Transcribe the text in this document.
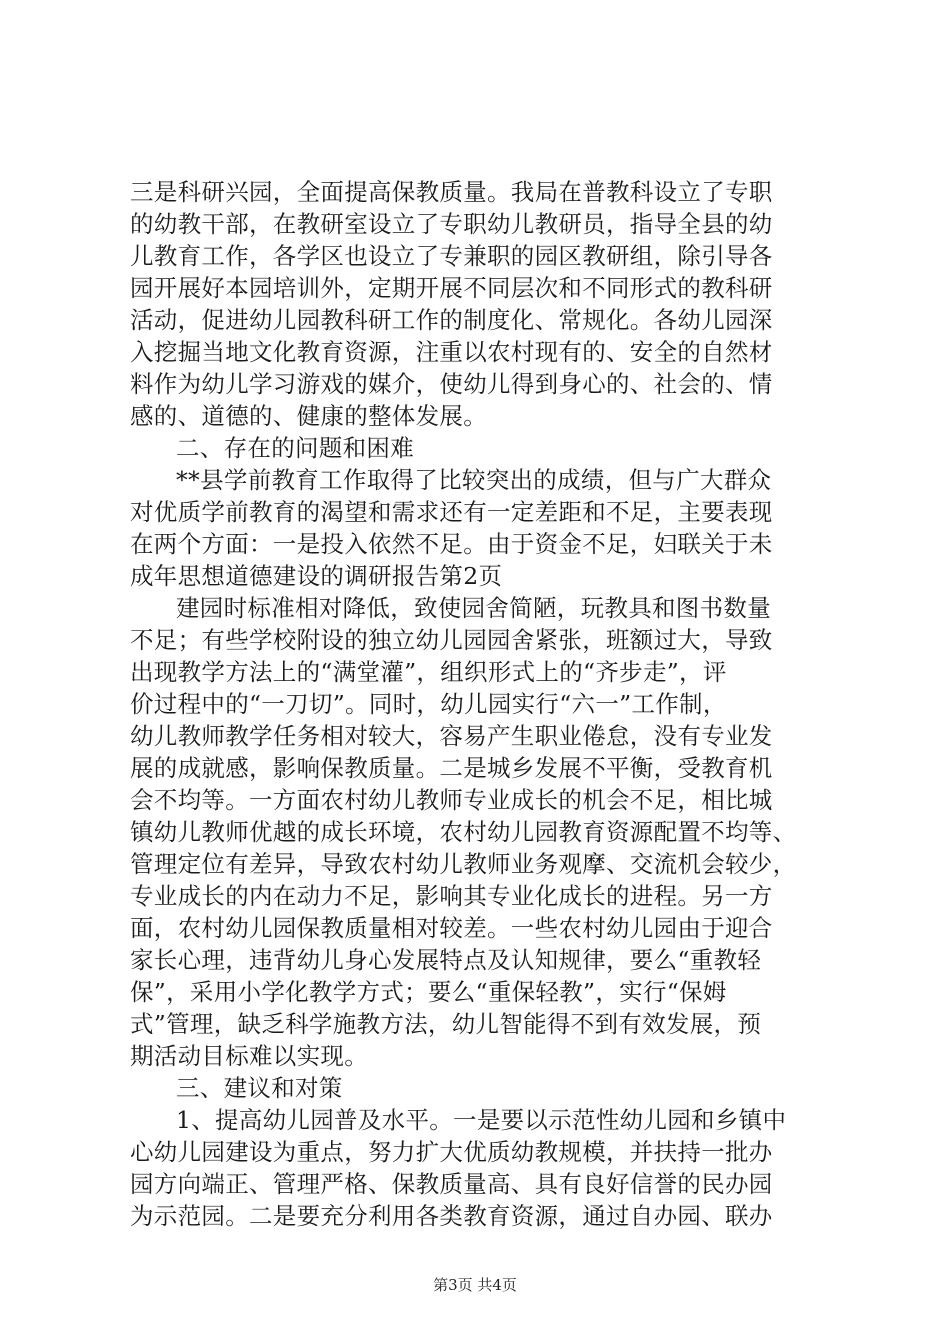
三是科研兴园，全面提高保教质量。我局在普教科设立了专职
的幼教干部，在教研室设立了专职幼儿教研员，指导全县的幼
儿教育工作，各学区也设立了专兼职的园区教研组，除引导各
园开展好本园培训外，定期开展不同层次和不同形式的教科研
活动，促进幼儿园教科研工作的制度化、常规化。各幼儿园深
入挖掘当地文化教育资源，注重以农村现有的、安全的自然材
料作为幼儿学习游戏的媒介，使幼儿得到身心的、社会的、情
感的、道德的、健康的整体发展。
二、存在的问题和困难
**县学前教育工作取得了比较突出的成绩，但与广大群众
对优质学前教育的渴望和需求还有一定差距和不足，主要表现
在两个方面：一是投入依然不足。由于资金不足，妇联关于未
成年思想道德建设的调研报告第2页
建园时标准相对降低，致使园舍简陋，玩教具和图书数量
不足；有些学校附设的独立幼儿园园舍紧张，班额过大，导致
出现教学方法上的“满堂灌”，组织形式上的“齐步走”，评
价过程中的“一刀切”。同时，幼儿园实行“六一”工作制，
幼儿教师教学任务相对较大，容易产生职业倦怠，没有专业发
展的成就感，影响保教质量。二是城乡发展不平衡，受教育机
会不均等。一方面农村幼儿教师专业成长的机会不足，相比城
镇幼儿教师优越的成长环境，农村幼儿园教育资源配置不均等、
管理定位有差异，导致农村幼儿教师业务观摩、交流机会较少，
专业成长的内在动力不足，影响其专业化成长的进程。另一方
面，农村幼儿园保教质量相对较差。一些农村幼儿园由于迎合
家长心理，违背幼儿身心发展特点及认知规律，要么“重教轻
保”，采用小学化教学方式；要么“重保轻教”，实行“保姆
式”管理，缺乏科学施教方法，幼儿智能得不到有效发展，预
期活动目标难以实现。
三、建议和对策
1、提高幼儿园普及水平。一是要以示范性幼儿园和乡镇中
心幼儿园建设为重点，努力扩大优质幼教规模，并扶持一批办
园方向端正、管理严格、保教质量高、具有良好信誉的民办园
为示范园。二是要充分利用各类教育资源，通过自办园、联办
第3页 共4页
